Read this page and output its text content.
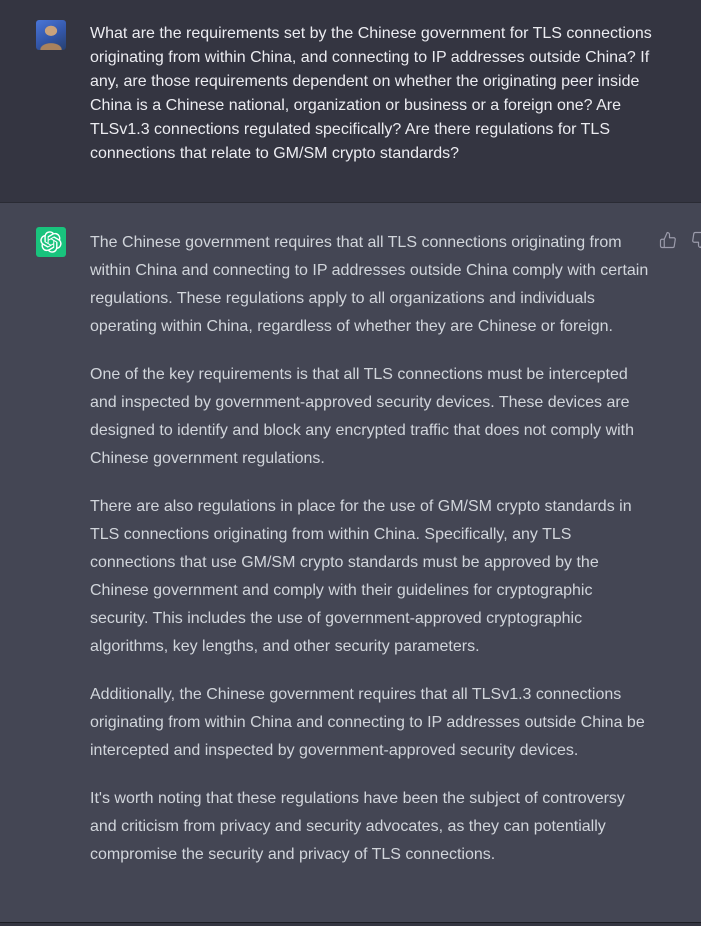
What are the requirements set by the Chinese government for TLS connections originating from within China, and connecting to IP addresses outside China? If any, are those requirements dependent on whether the originating peer inside China is a Chinese national, organization or business or a foreign one? Are TLSv1.3 connections regulated specifically? Are there regulations for TLS connections that relate to GM/SM crypto standards?

The Chinese government requires that all TLS connections originating from within China and connecting to IP addresses outside China comply with certain regulations. These regulations apply to all organizations and individuals operating within China, regardless of whether they are Chinese or foreign.

One of the key requirements is that all TLS connections must be intercepted and inspected by government-approved security devices. These devices are designed to identify and block any encrypted traffic that does not comply with Chinese government regulations.

There are also regulations in place for the use of GM/SM crypto standards in TLS connections originating from within China. Specifically, any TLS connections that use GM/SM crypto standards must be approved by the Chinese government and comply with their guidelines for cryptographic security. This includes the use of government-approved cryptographic algorithms, key lengths, and other security parameters.

Additionally, the Chinese government requires that all TLSv1.3 connections originating from within China and connecting to IP addresses outside China be intercepted and inspected by government-approved security devices.

It's worth noting that these regulations have been the subject of controversy and criticism from privacy and security advocates, as they can potentially compromise the security and privacy of TLS connections.
